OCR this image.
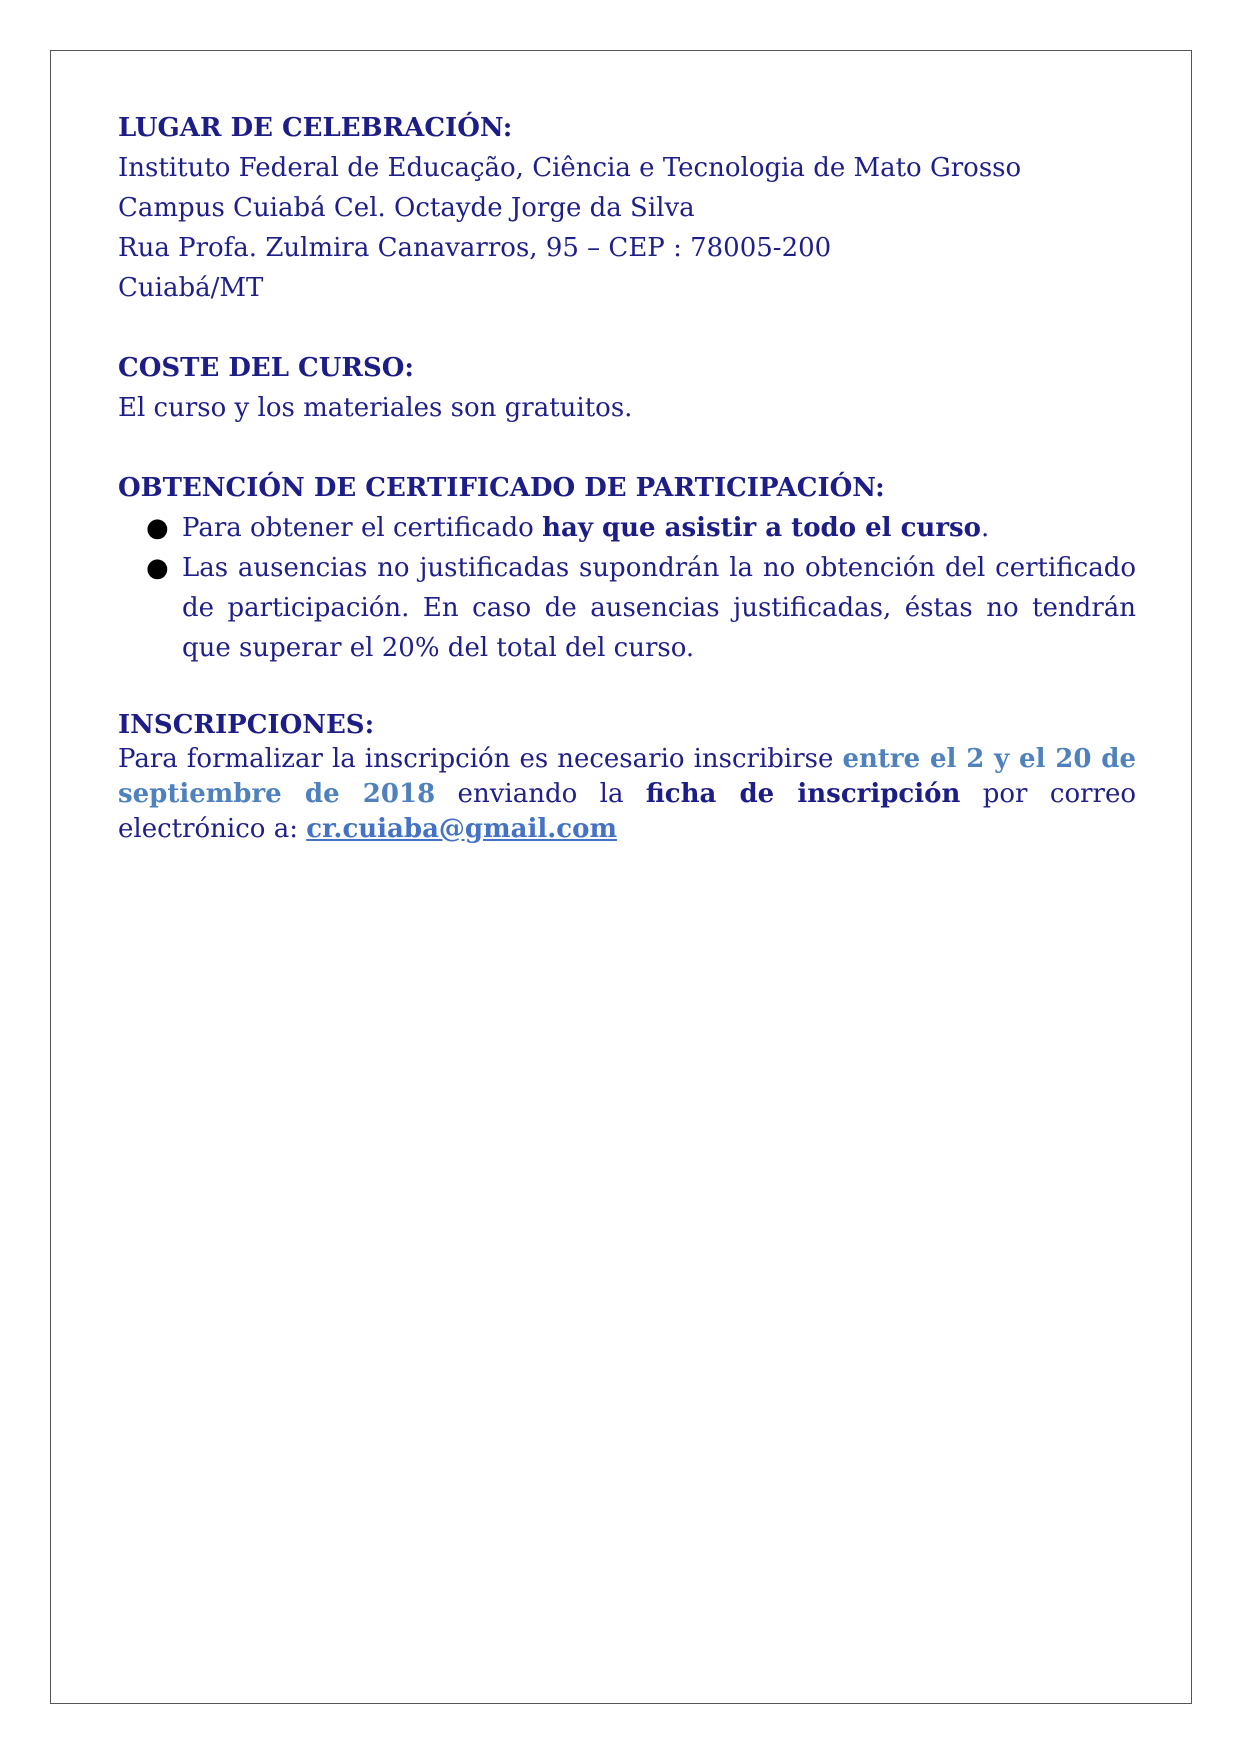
LUGAR DE CELEBRACIÓN:

Instituto Federal de Educação, Ciência e Tecnologia de Mato Grosso

Campus Cuiabá Cel. Octayde Jorge da Silva

Rua Profa. Zulmira Canavarros, 95 – CEP : 78005-200

Cuiabá/MT

COSTE DEL CURSO:

El curso y los materiales son gratuitos.

OBTENCIÓN DE CERTIFICADO DE PARTICIPACIÓN:

● Para obtener el certificado hay que asistir a todo el curso.
● Las ausencias no justificadas supondrán la no obtención del certificado de participación. En caso de ausencias justificadas, éstas no tendrán que superar el 20% del total del curso.

INSCRIPCIONES:

Para formalizar la inscripción es necesario inscribirse entre el 2 y el 20 de septiembre de 2018 enviando la ficha de inscripción por correo electrónico a: cr.cuiaba@gmail.com
